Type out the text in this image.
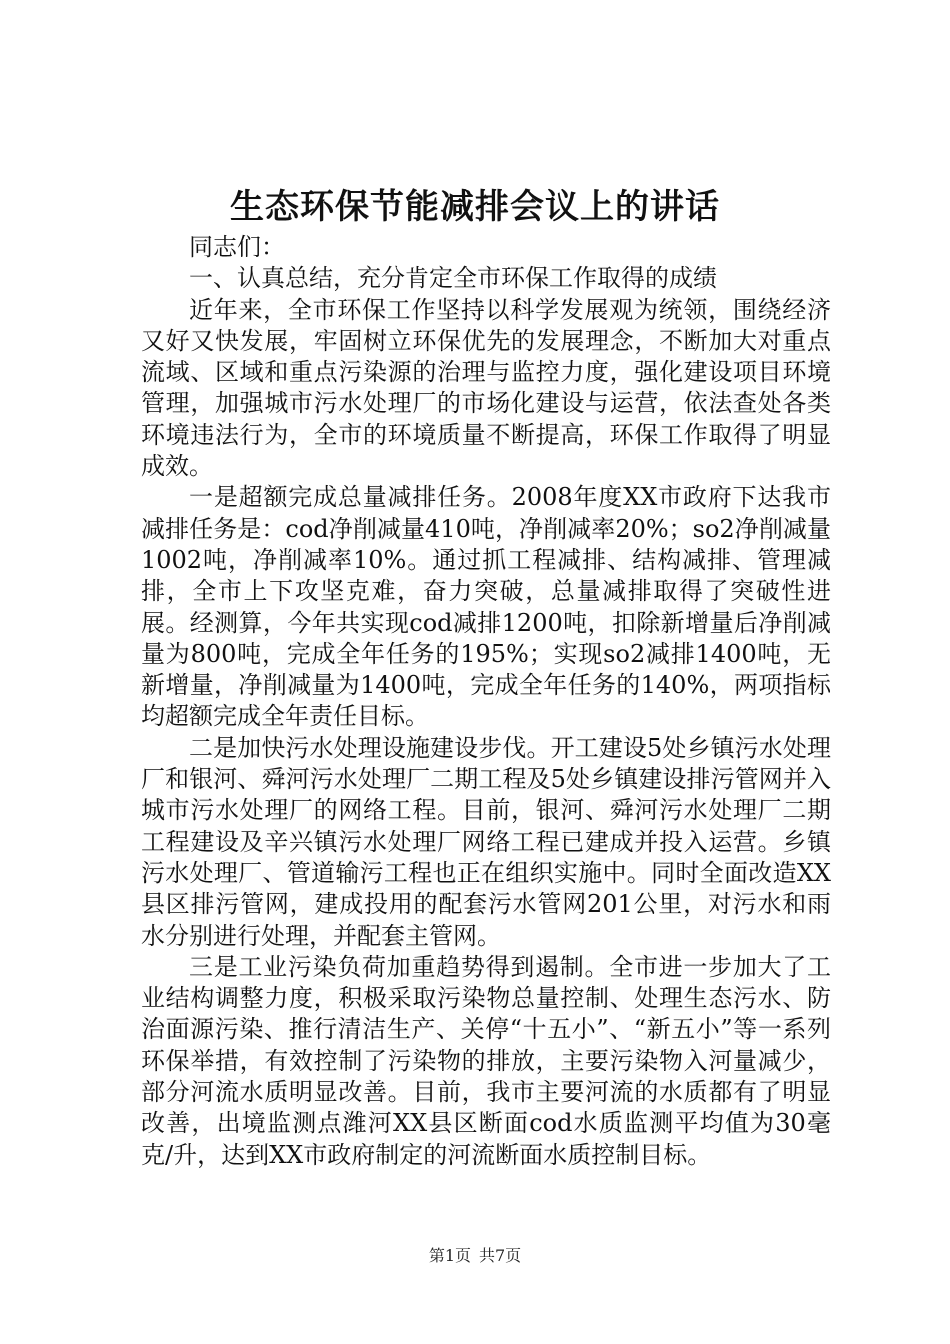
生态环保节能减排会议上的讲话

同志们：

一、认真总结，充分肯定全市环保工作取得的成绩

近年来，全市环保工作坚持以科学发展观为统领，围绕经济又好又快发展，牢固树立环保优先的发展理念，不断加大对重点流域、区域和重点污染源的治理与监控力度，强化建设项目环境管理，加强城市污水处理厂的市场化建设与运营，依法查处各类环境违法行为，全市的环境质量不断提高，环保工作取得了明显成效。

一是超额完成总量减排任务。2008年度XX市政府下达我市减排任务是：cod净削减量410吨，净削减率20%；so2净削减量1002吨，净削减率10%。通过抓工程减排、结构减排、管理减排，全市上下攻坚克难，奋力突破，总量减排取得了突破性进展。经测算，今年共实现cod减排1200吨，扣除新增量后净削减量为800吨，完成全年任务的195%；实现so2减排1400吨，无新增量，净削减量为1400吨，完成全年任务的140%，两项指标均超额完成全年责任目标。

二是加快污水处理设施建设步伐。开工建设5处乡镇污水处理厂和银河、舜河污水处理厂二期工程及5处乡镇建设排污管网并入城市污水处理厂的网络工程。目前，银河、舜河污水处理厂二期工程建设及辛兴镇污水处理厂网络工程已建成并投入运营。乡镇污水处理厂、管道输污工程也正在组织实施中。同时全面改造XX县区排污管网，建成投用的配套污水管网201公里，对污水和雨水分别进行处理，并配套主管网。

三是工业污染负荷加重趋势得到遏制。全市进一步加大了工业结构调整力度，积极采取污染物总量控制、处理生态污水、防治面源污染、推行清洁生产、关停“十五小”、“新五小”等一系列环保举措，有效控制了污染物的排放，主要污染物入河量减少，部分河流水质明显改善。目前，我市主要河流的水质都有了明显改善，出境监测点潍河XX县区断面cod水质监测平均值为30毫克/升，达到XX市政府制定的河流断面水质控制目标。

第1页 共7页
